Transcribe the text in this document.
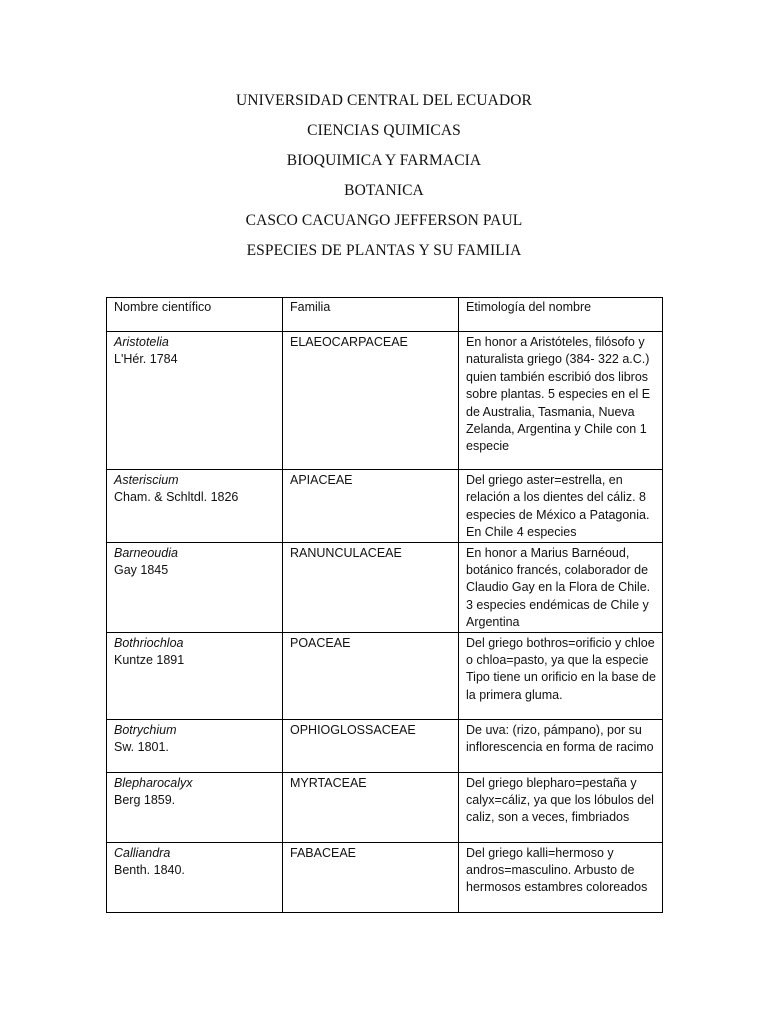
UNIVERSIDAD CENTRAL DEL ECUADOR
CIENCIAS QUIMICAS
BIOQUIMICA Y FARMACIA
BOTANICA
CASCO CACUANGO JEFFERSON PAUL
ESPECIES DE PLANTAS Y SU FAMILIA
Nombre científico	Familia	Etimología del nombre

Aristotelia
L'Hér. 1784	ELAEOCARPACEAE	En honor a Aristóteles, filósofo y naturalista griego (384- 322 a.C.) quien también escribió dos libros sobre plantas. 5 especies en el E de Australia, Tasmania, Nueva Zelanda, Argentina y Chile con 1 especie

Asteriscium
Cham. & Schltdl. 1826	APIACEAE	Del griego aster=estrella, en relación a los dientes del cáliz. 8 especies de México a Patagonia. En Chile 4 especies

Barneoudia
Gay 1845	RANUNCULACEAE	En honor a Marius Barnéoud, botánico francés, colaborador de Claudio Gay en la Flora de Chile. 3 especies endémicas de Chile y Argentina

Bothriochloa
Kuntze 1891	POACEAE	Del griego bothros=orificio y chloe o chloa=pasto, ya que la especie Tipo tiene un orificio en la base de la primera gluma.

Botrychium
Sw. 1801.	OPHIOGLOSSACEAE	De uva: (rizo, pámpano), por su inflorescencia en forma de racimo

Blepharocalyx
Berg 1859.	MYRTACEAE	Del griego blepharo=pestaña y calyx=cáliz, ya que los lóbulos del caliz, son a veces, fimbriados

Calliandra
Benth. 1840.	FABACEAE	Del griego kalli=hermoso y andros=masculino. Arbusto de hermosos estambres coloreados
